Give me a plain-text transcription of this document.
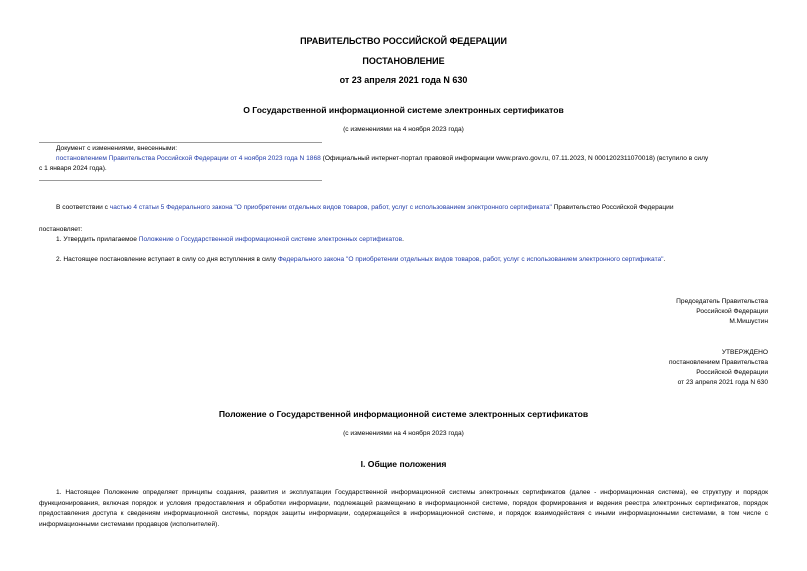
ПРАВИТЕЛЬСТВО РОССИЙСКОЙ ФЕДЕРАЦИИ
ПОСТАНОВЛЕНИЕ
от 23 апреля 2021 года N 630
О Государственной информационной системе электронных сертификатов
(с изменениями на 4 ноября 2023 года)
Документ с изменениями, внесенными:
постановлением Правительства Российской Федерации от 4 ноября 2023 года N 1868 (Официальный интернет-портал правовой информации www.pravo.gov.ru, 07.11.2023, N 0001202311070018) (вступило в силу
с 1 января 2024 года).
В соответствии с частью 4 статьи 5 Федерального закона "О приобретении отдельных видов товаров, работ, услуг с использованием электронного сертификата" Правительство Российской Федерации
постановляет:
1. Утвердить прилагаемое Положение о Государственной информационной системе электронных сертификатов.
2. Настоящее постановление вступает в силу со дня вступления в силу Федерального закона "О приобретении отдельных видов товаров, работ, услуг с использованием электронного сертификата".
Председатель Правительства
Российской Федерации
М.Мишустин
УТВЕРЖДЕНО
постановлением Правительства
Российской Федерации
от 23 апреля 2021 года N 630
Положение о Государственной информационной системе электронных сертификатов
(с изменениями на 4 ноября 2023 года)
I. Общие положения
1. Настоящее Положение определяет принципы создания, развития и эксплуатации Государственной информационной системы электронных сертификатов (далее - информационная система), ее структуру и порядок функционирования, включая порядок и условия предоставления и обработки информации, подлежащей размещению в информационной системе, порядок формирования и ведения реестра электронных сертификатов, порядок предоставления доступа к сведениям информационной системы, порядок защиты информации, содержащейся в информационной системе, и порядок взаимодействия с иными информационными системами, в том числе с информационными системами продавцов (исполнителей).
